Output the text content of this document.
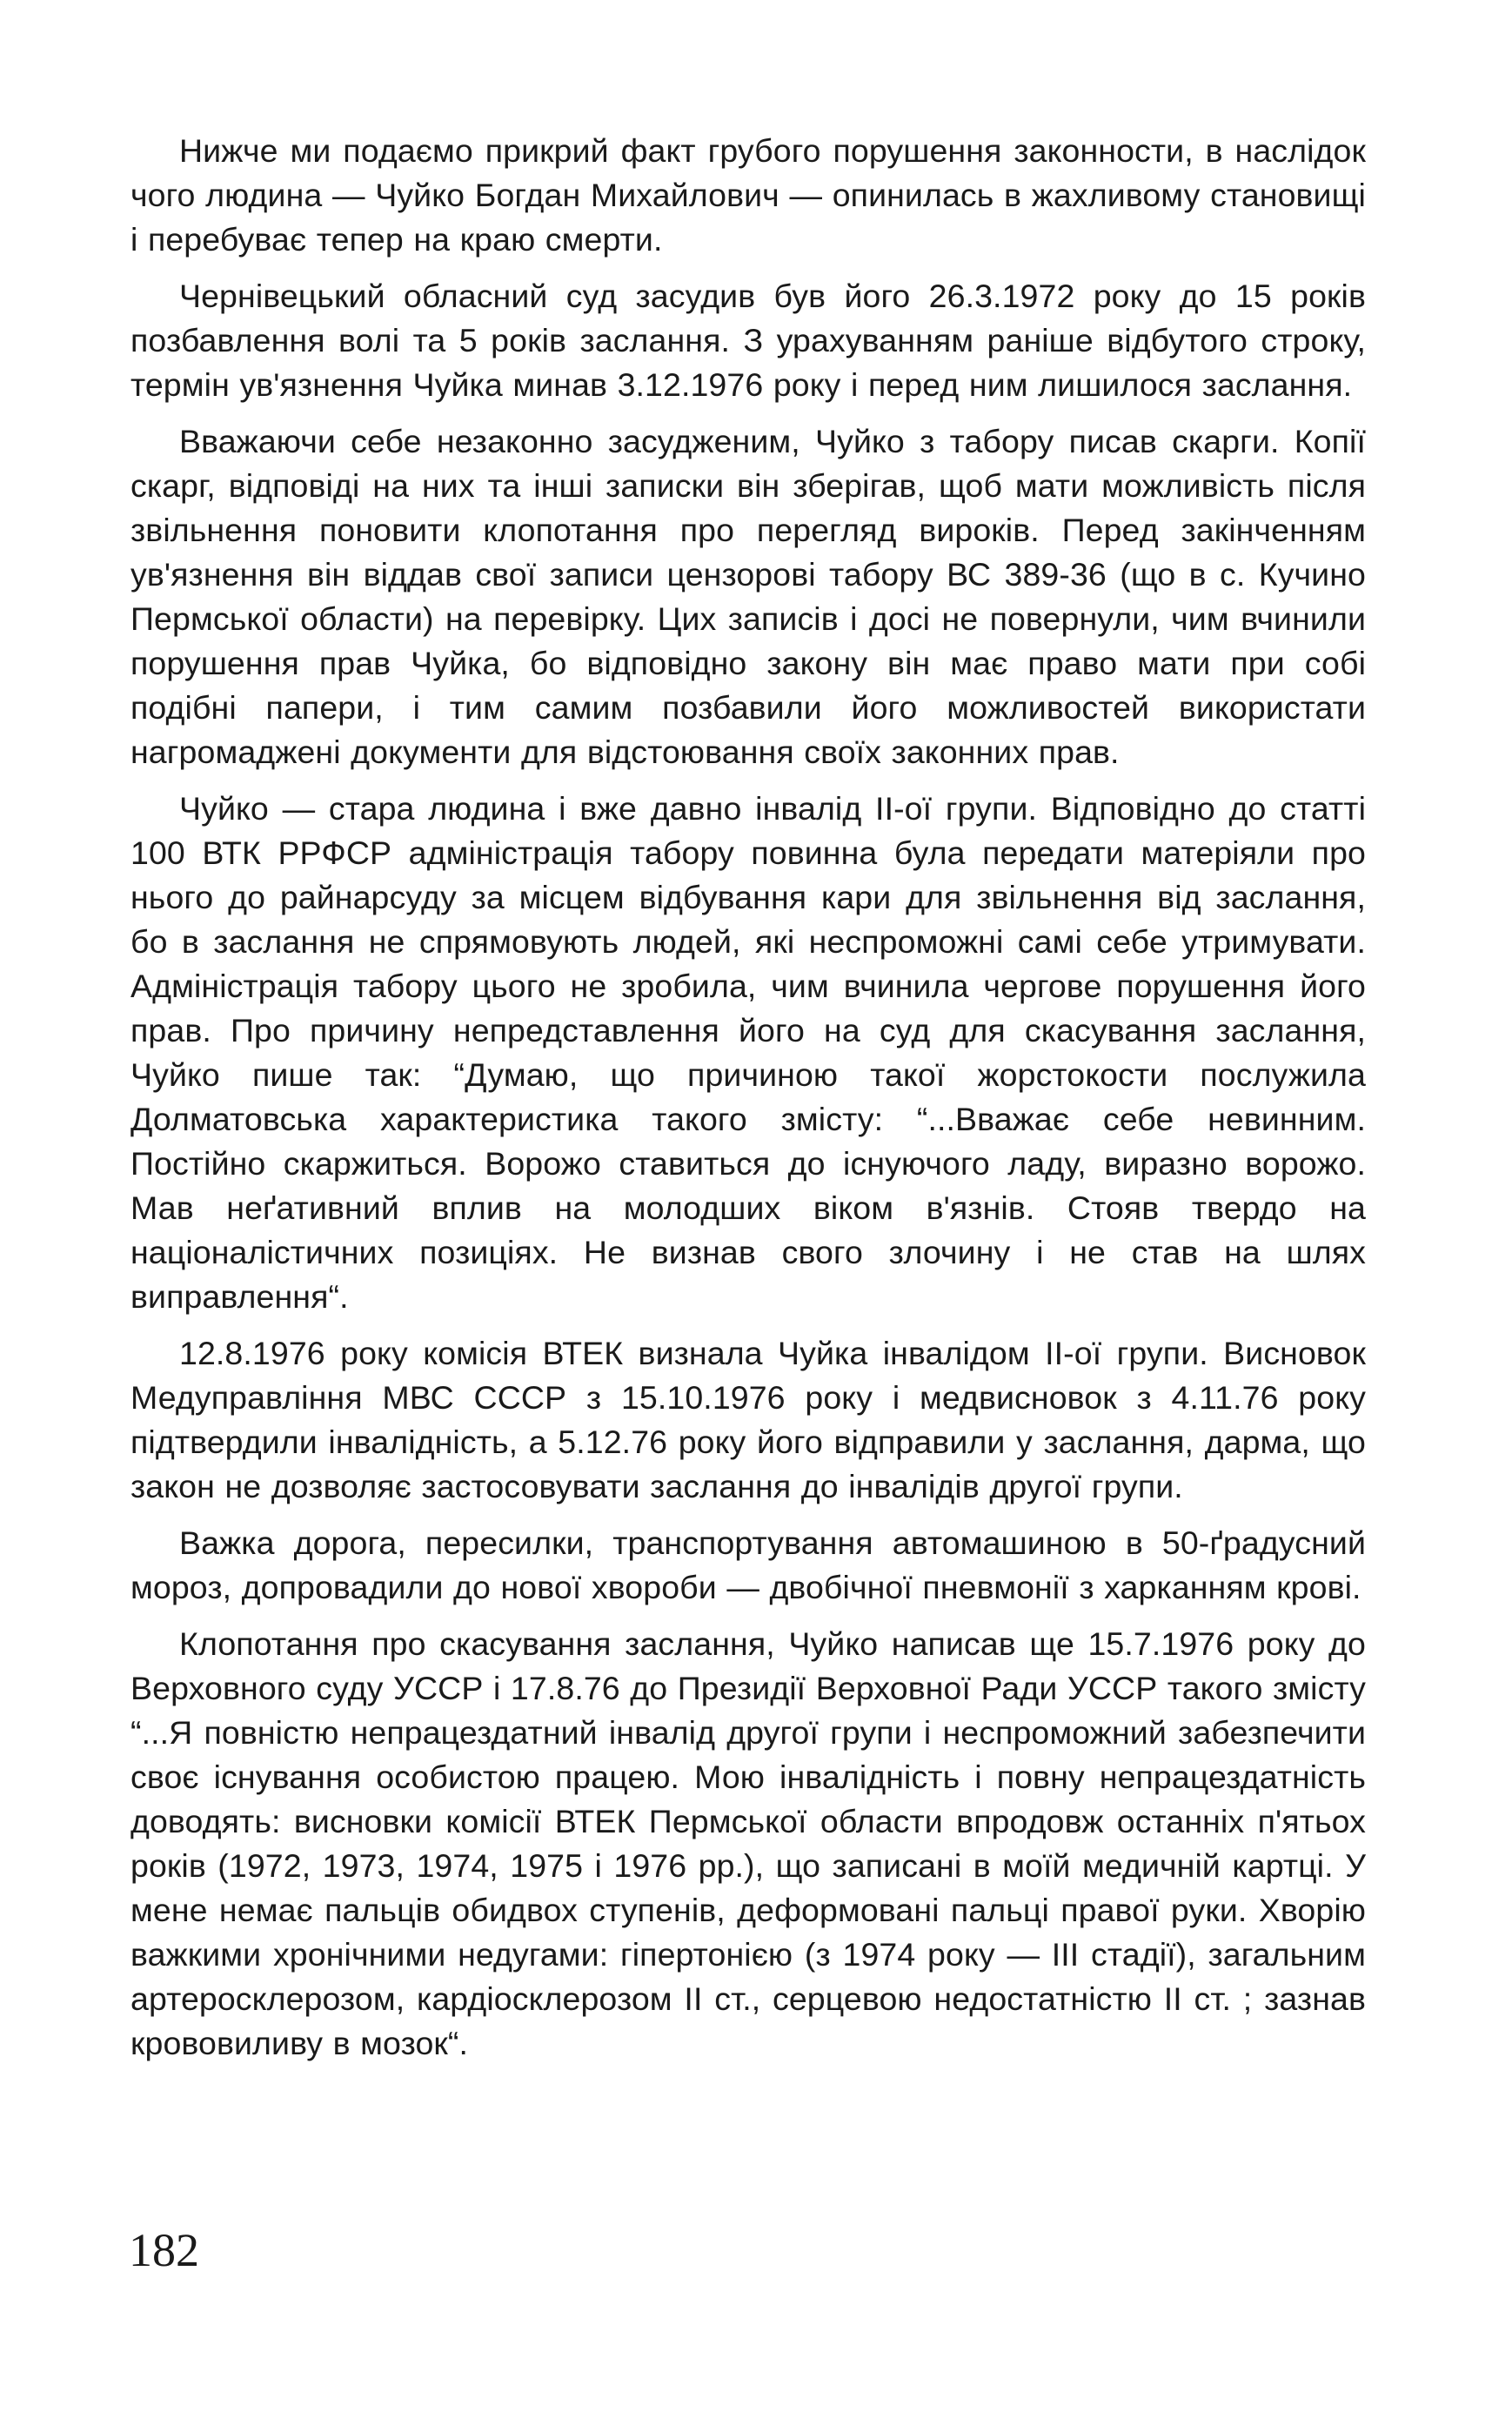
Нижче ми подаємо прикрий факт грубого порушення законности, в наслідок чого людина — Чуйко Богдан Михайлович — опинилась в жахливому становищі і перебуває тепер на краю смерти.

Чернівецький обласний суд засудив був його 26.3.1972 року до 15 років позбавлення волі та 5 років заслання. З урахуванням раніше відбутого строку, термін ув'язнення Чуйка минав 3.12.1976 року і перед ним лишилося заслання.

Вважаючи себе незаконно засудженим, Чуйко з табору писав скарги. Копії скарг, відповіді на них та інші записки він зберігав, щоб мати можливість після звільнення поновити клопотання про перегляд вироків. Перед закінченням ув'язнення він віддав свої записи цензорові табору ВС 389-36 (що в с. Кучино Пермської области) на перевірку. Цих записів і досі не повернули, чим вчинили порушення прав Чуйка, бо відповідно закону він має право мати при собі подібні папери, і тим самим позбавили його можливостей використати нагромаджені документи для відстоювання своїх законних прав.

Чуйко — стара людина і вже давно інвалід ІІ-ої групи. Відповідно до статті 100 ВТК РРФСР адміністрація табору повинна була передати матеріяли про нього до райнарсуду за місцем відбування кари для звільнення від заслання, бо в заслання не спрямовують людей, які неспроможні самі себе утримувати. Адміністрація табору цього не зробила, чим вчинила чергове порушення його прав. Про причину непредставлення його на суд для скасування заслання, Чуйко пише так: “Думаю, що причиною такої жорстокости послужила Долматовська характеристика такого змісту: “...Вважає себе невинним. Постійно скаржиться. Ворожо ставиться до існуючого ладу, виразно ворожо. Мав неґативний вплив на молодших віком в'язнів. Стояв твердо на націоналістичних позиціях. Не визнав свого злочину і не став на шлях виправлення“.

12.8.1976 року комісія ВТЕК визнала Чуйка інвалідом ІІ-ої групи. Висновок Медуправління МВС СССР з 15.10.1976 року і медвисновок з 4.11.76 року підтвердили інвалідність, а 5.12.76 року його відправили у заслання, дарма, що закон не дозволяє застосовувати заслання до інвалідів другої групи.

Важка дорога, пересилки, транспортування автомашиною в 50-ґрадусний мороз, допровадили до нової хвороби — двобічної пневмонії з харканням крові.

Клопотання про скасування заслання, Чуйко написав ще 15.7.1976 року до Верховного суду УССР і 17.8.76 до Президії Верховної Ради УССР такого змісту “...Я повністю непрацездатний інвалід другої групи і неспроможний забезпечити своє існування особистою працею. Мою інвалідність і повну непрацездатність доводять: висновки комісії ВТЕК Пермської области впродовж останніх п'ятьох років (1972, 1973, 1974, 1975 і 1976 рр.), що записані в моїй медичній картці. У мене немає пальців обидвох ступенів, деформовані пальці правої руки. Хворію важкими хронічними недугами: гіпертонією (з 1974 року — ІІІ стадії), загальним артеросклерозом, кардіосклерозом ІІ ст., серцевою недостатністю ІІ ст. ; зазнав крововиливу в мозок“.

182
